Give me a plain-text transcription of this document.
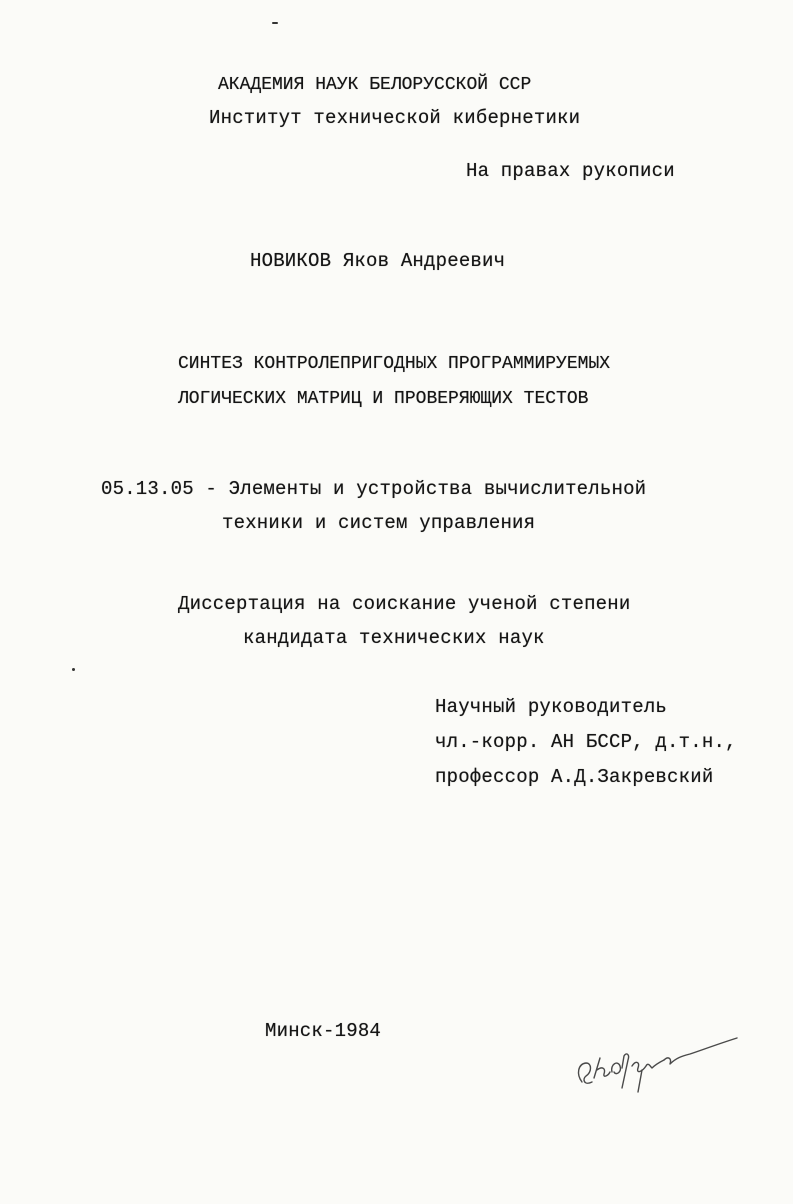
АКАДЕМИЯ НАУК БЕЛОРУССКОЙ ССР
Институт технической кибернетики
На правах рукописи
НОВИКОВ Яков Андреевич
СИНТЕЗ КОНТРОЛЕПРИГОДНЫХ ПРОГРАММИРУЕМЫХ
ЛОГИЧЕСКИХ МАТРИЦ И ПРОВЕРЯЮЩИХ ТЕСТОВ
05.13.05 - Элементы и устройства вычислительной
техники и систем управления
Диссертация на соискание ученой степени
кандидата технических наук
Научный руководитель
чл.-корр. АН БССР, д.т.н.,
профессор А.Д.Закревский
Минск-1984
